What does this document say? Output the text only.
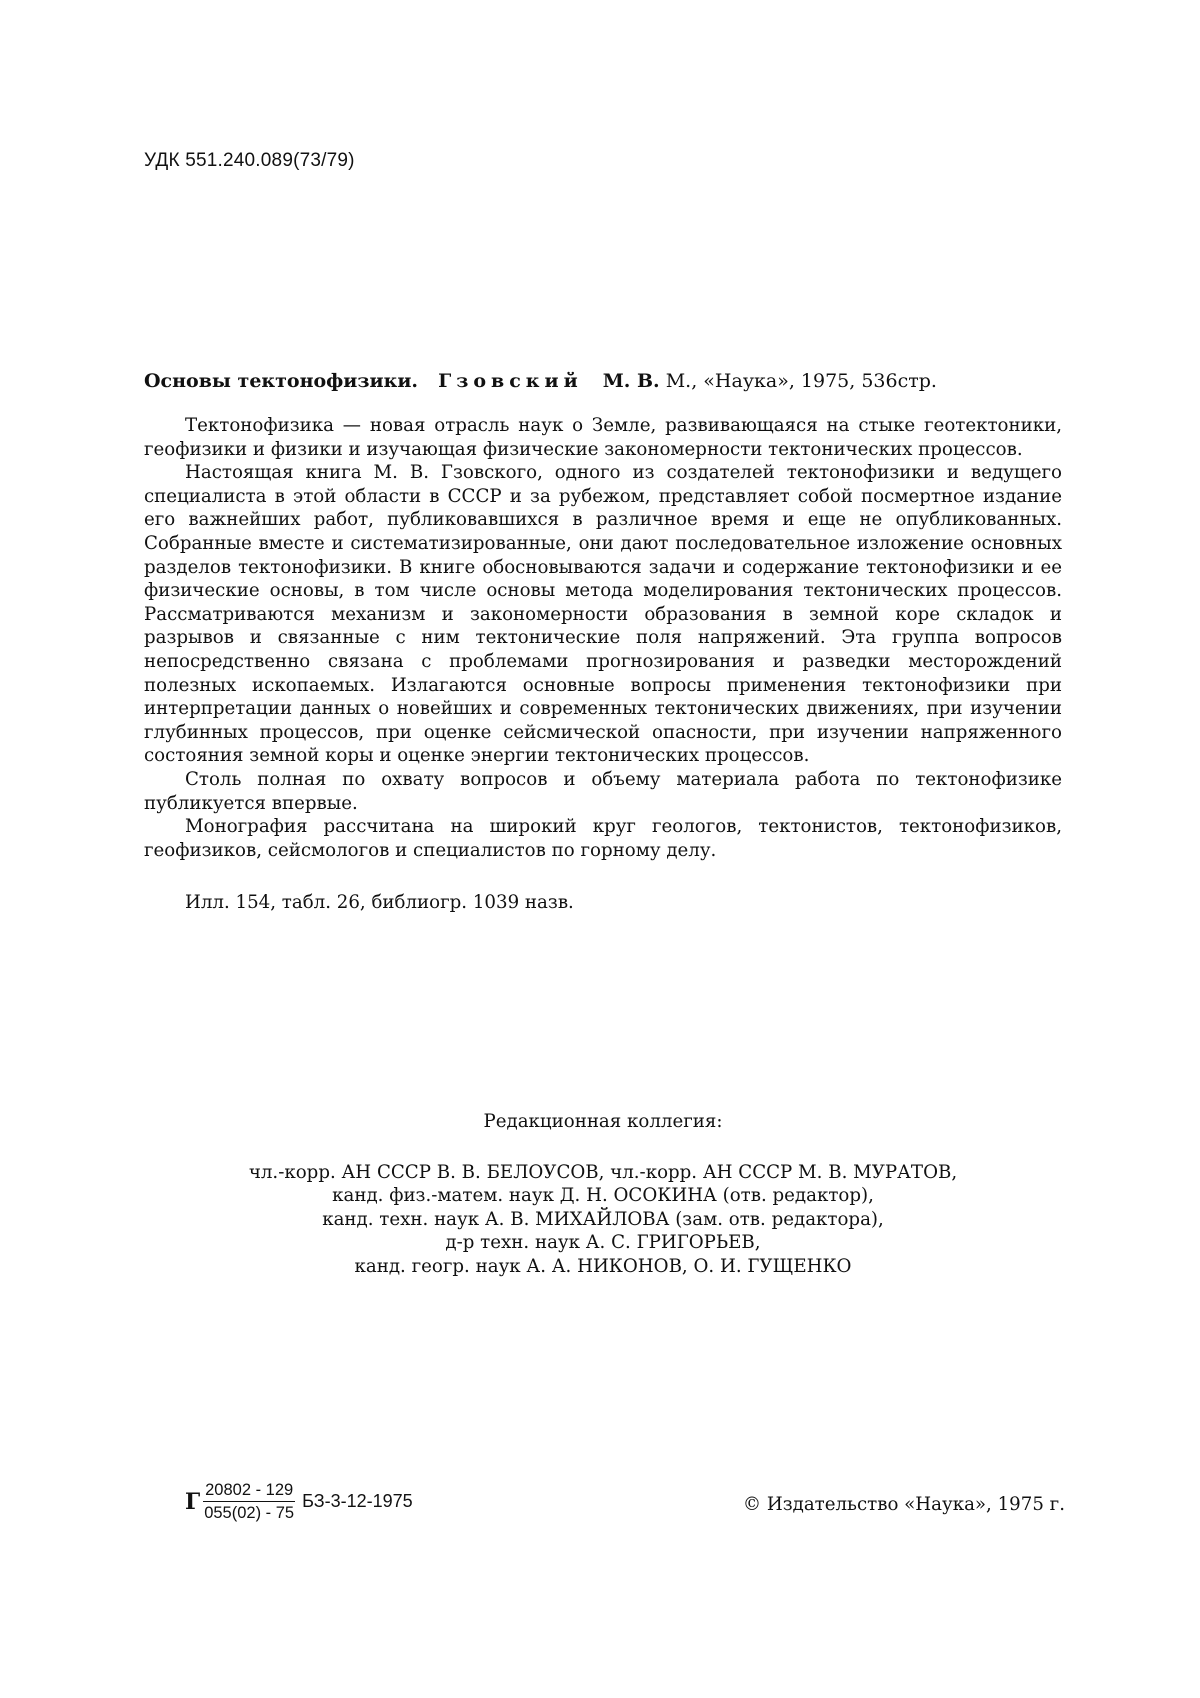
УДК 551.240.089(73/79)
Основы тектонофизики. Гзовский М. В. М., «Наука», 1975, 536стр.

Тектонофизика — новая отрасль наук о Земле, развивающаяся на стыке геотектоники, геофизики и физики и изучающая физические закономерности тектонических процессов.

Настоящая книга М. В. Гзовского, одного из создателей тектонофизики и ведущего специалиста в этой области в СССР и за рубежом, представляет собой посмертное издание его важнейших работ, публиковавшихся в различное время и еще не опубликованных. Собранные вместе и систематизированные, они дают последовательное изложение основных разделов тектонофизики. В книге обосновываются задачи и содержание тектонофизики и ее физические основы, в том числе основы метода моделирования тектонических процессов. Рассматриваются механизм и закономерности образования в земной коре складок и разрывов и связанные с ним тектонические поля напряжений. Эта группа вопросов непосредственно связана с проблемами прогнозирования и разведки месторождений полезных ископаемых. Излагаются основные вопросы применения тектонофизики при интерпретации данных о новейших и современных тектонических движениях, при изучении глубинных процессов, при оценке сейсмической опасности, при изучении напряженного состояния земной коры и оценке энергии тектонических процессов.

Столь полная по охвату вопросов и объему материала работа по тектонофизике публикуется впервые.

Монография рассчитана на широкий круг геологов, тектонистов, тектонофизиков, геофизиков, сейсмологов и специалистов по горному делу.

Илл. 154, табл. 26, библиогр. 1039 назв.
Редакционная коллегия:
чл.-корр. АН СССР В. В. БЕЛОУСОВ, чл.-корр. АН СССР М. В. МУРАТОВ,
канд. физ.-матем. наук Д. Н. ОСОКИНА (отв. редактор),
канд. техн. наук А. В. МИХАЙЛОВА (зам. отв. редактора),
д-р техн. наук А. С. ГРИГОРЬЕВ,
канд. геогр. наук А. А. НИКОНОВ, О. И. ГУЩЕНКО
Г $\frac{20802 - 129}{055(02) - 75} БЗ-3-12-1975$	© Издательство «Наука», 1975 г.
